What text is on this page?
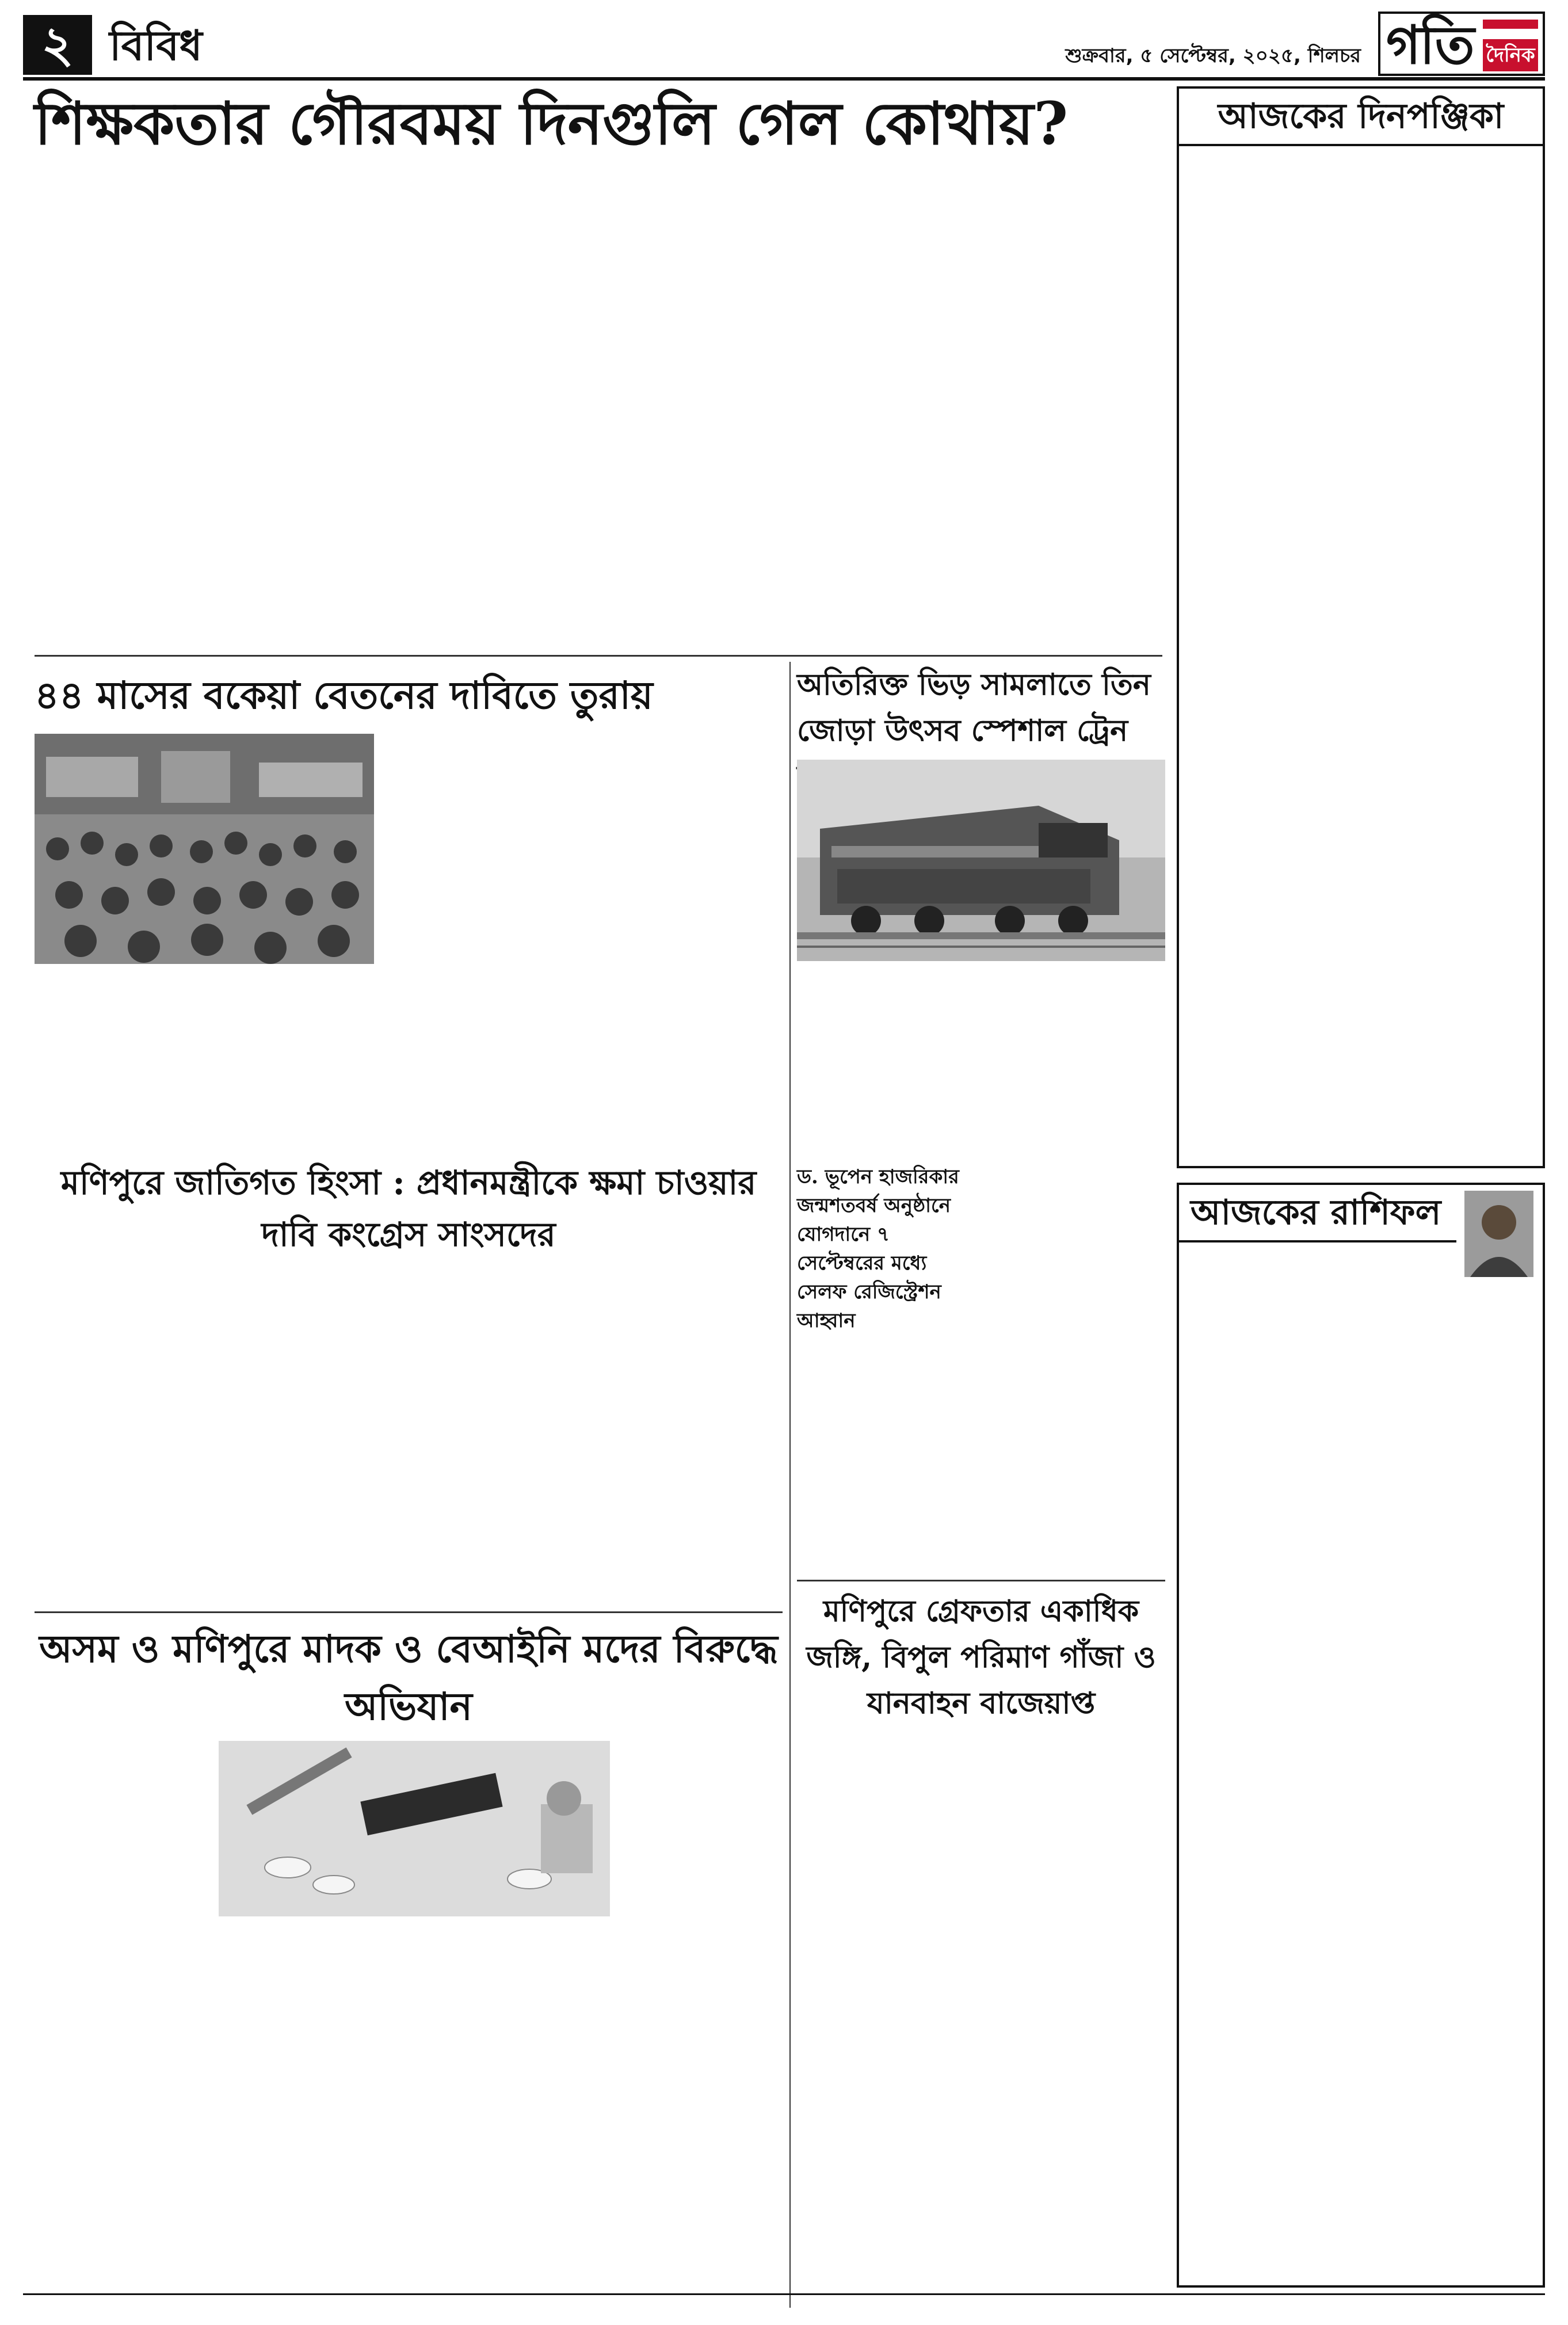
২ বিবিধ	শুক্রবার, ৫ সেপ্টেম্বর, ২০২৫, শিলচর গতি দৈনিক
শিক্ষকতার গৌরবময় দিনগুলি গেল কোথায়?
৪৪ মাসের বকেয়া বেতনের দাবিতে তুরায়
মণিপুরে জাতিগত হিংসা : প্রধানমন্ত্রীকে ক্ষমা চাওয়ার দাবি কংগ্রেস সাংসদের
অসম ও মণিপুরে মাদক ও বেআইনি মদের বিরুদ্ধে অভিযান
অতিরিক্ত ভিড় সামলাতে তিন জোড়া উৎসব স্পেশাল ট্রেন
ড. ভূপেন হাজরিকার জন্মশতবর্ষ অনুষ্ঠানে যোগদানে ৭ সেপ্টেম্বরের মধ্যে সেলফ রেজিস্ট্রেশন আহ্বান
মণিপুরে গ্রেফতার একাধিক জঙ্গি, বিপুল পরিমাণ গাঁজা ও যানবাহন বাজেয়াপ্ত
আজকের দিনপঞ্জিকা
আজকের রাশিফল
